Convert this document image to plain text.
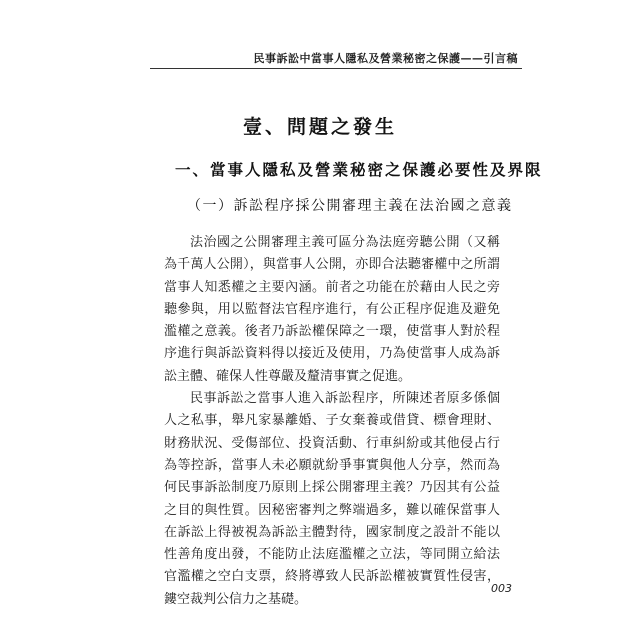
民事訴訟中當事人隱私及營業秘密之保護——引言稿
壹、問題之發生
一、當事人隱私及營業秘密之保護必要性及界限
（一）訴訟程序採公開審理主義在法治國之意義

法治國之公開審理主義可區分為法庭旁聽公開（又稱為千萬人公開），與當事人公開，亦即合法聽審權中之所謂當事人知悉權之主要內涵。前者之功能在於藉由人民之旁聽參與，用以監督法官程序進行，有公正程序促進及避免濫權之意義。後者乃訴訟權保障之一環，使當事人對於程序進行與訴訟資料得以接近及使用，乃為使當事人成為訴訟主體、確保人性尊嚴及釐清事實之促進。

民事訴訟之當事人進入訴訟程序，所陳述者原多係個人之私事，舉凡家暴離婚、子女棄養或借貸、標會理財、財務狀況、受傷部位、投資活動、行車糾紛或其他侵占行為等控訴，當事人未必願就紛爭事實與他人分享，然而為何民事訴訟制度乃原則上採公開審理主義？乃因其有公益之目的與性質。因秘密審判之弊端過多，難以確保當事人在訴訟上得被視為訴訟主體對待，國家制度之設計不能以性善角度出發，不能防止法庭濫權之立法，等同開立給法官濫權之空白支票，終將導致人民訴訟權被實質性侵害，鏤空裁判公信力之基礎。

003
